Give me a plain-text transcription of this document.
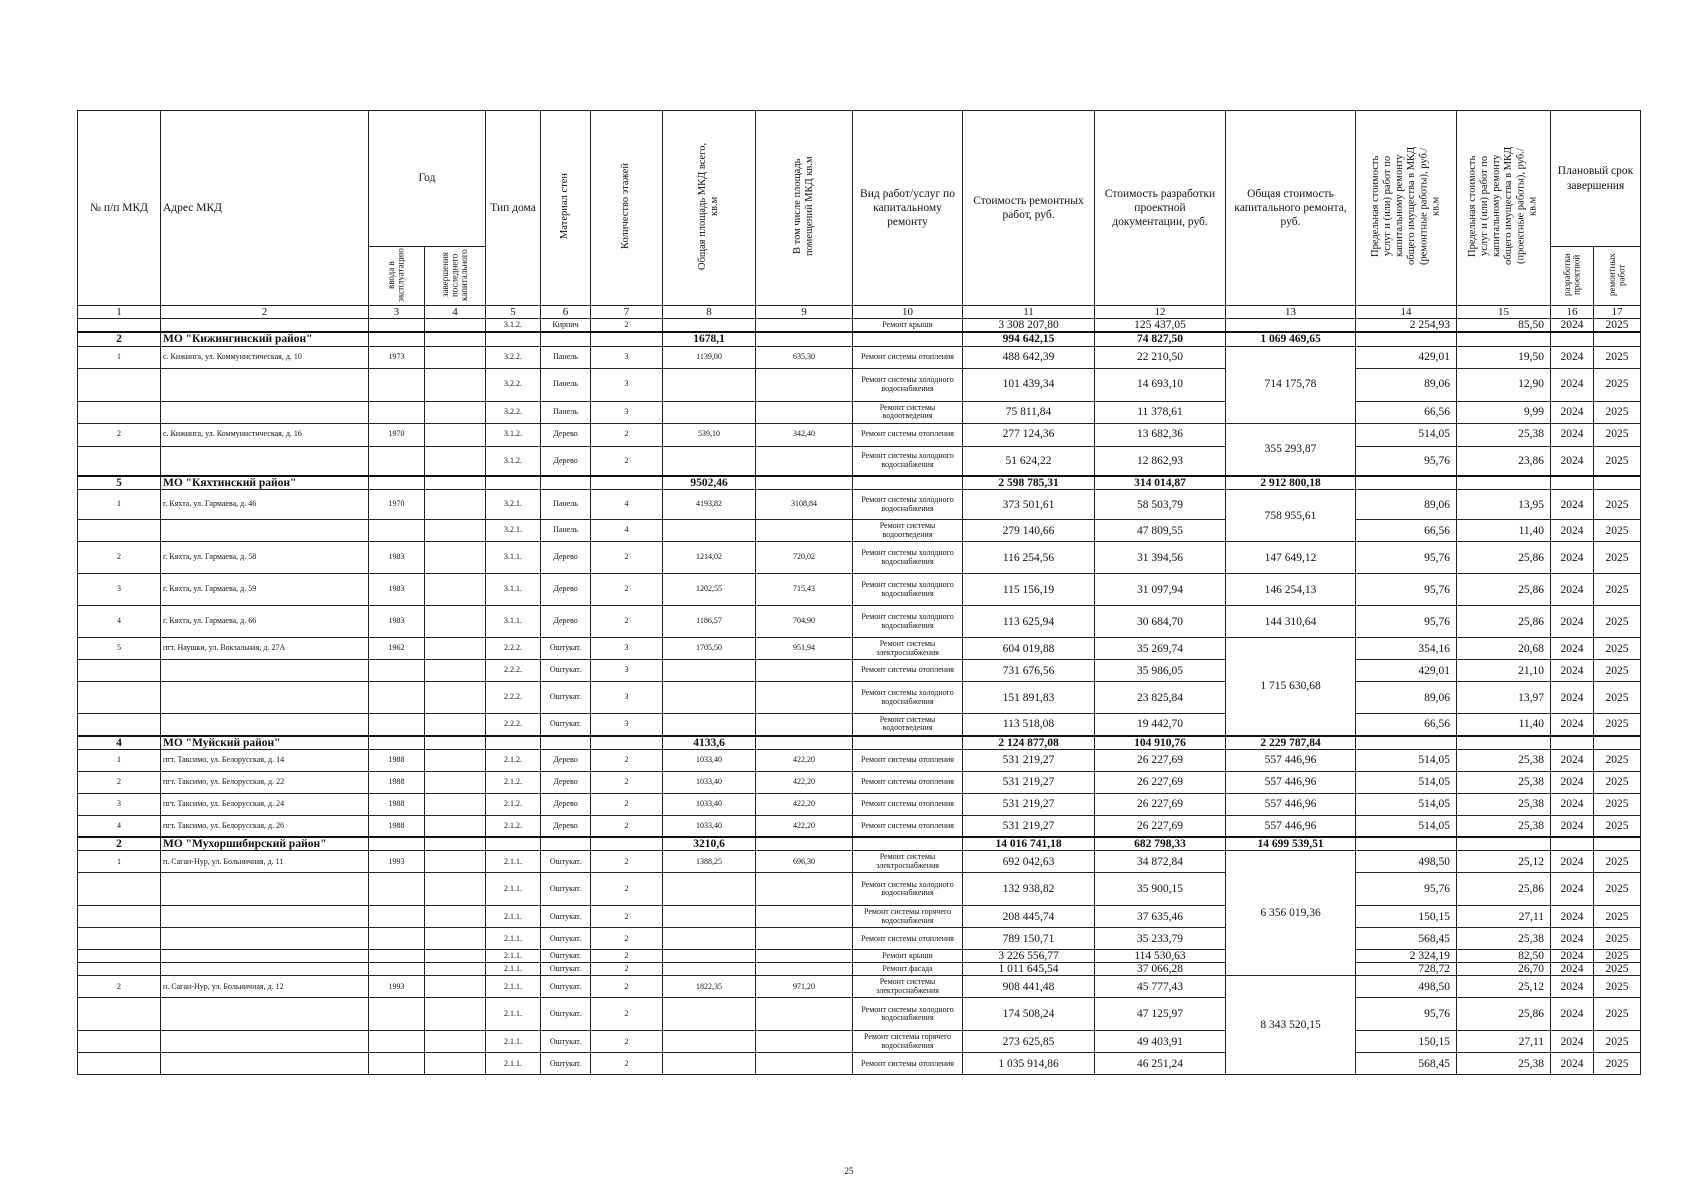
№ п/п МКД	Адрес МКД	Год		Тип дома	Материал стен	Количество этажей	Общая площадь МКД всего, кв.м	В том числе площадь помещений МКД кв.м	Вид работ/услуг по капитальному ремонту	Стоимость ремонтных работ, руб.	Стоимость разработки проектной документации, руб.	Общая стоимость капитального ремонта, руб.	Предельная стоимость услуг и (или) работ по капитальному ремонту общего имущества в МКД (ремонтные работы), руб./кв.м	Предельная стоимость услуг и (или) работ по капитальному ремонту общего имущества в МКД (проектные работы), руб./кв.м	Плановый срок завершения	
		ввода в эксплуатацию	завершения последнего капитального												разработки проектной	ремонтных работ
1	2	3	4	5	6	7	8	9	10	11	12	13	14	15	16	17
				3.1.2.	Кирпич	2			Ремонт крыши	3 308 207,80	125 437,05		2 254,93	85,50	2024	2025
2	МО "Кижингинский район"						1678,1			994 642,15	74 827,50	1 069 469,65				
1	с. Кижинга, ул. Коммунистическая, д. 10	1973		3.2.2.	Панель	3	1139,00	635,30	Ремонт системы отопления	488 642,39	22 210,50	714 175,78	429,01	19,50	2024	2025
				3.2.2.	Панель	3			Ремонт системы холодного водоснабжения	101 439,34	14 693,10		89,06	12,90	2024	2025
				3.2.2.	Панель	3			Ремонт системы водоотведения	75 811,84	11 378,61		66,56	9,99	2024	2025
2	с. Кижинга, ул. Коммунистическая, д. 16	1970		3.1.2.	Дерево	2	539,10	342,40	Ремонт системы отопления	277 124,36	13 682,36	355 293,87	514,05	25,38	2024	2025
				3.1.2.	Дерево	2			Ремонт системы холодного водоснабжения	51 624,22	12 862,93		95,76	23,86	2024	2025
5	МО "Кяхтинский район"						9502,46			2 598 785,31	314 014,87	2 912 800,18				
1	г. Кяхта, ул. Гармаева, д. 46	1970		3.2.1.	Панель	4	4193,82	3108,84	Ремонт системы холодного водоснабжения	373 501,61	58 503,79	758 955,61	89,06	13,95	2024	2025
				3.2.1.	Панель	4			Ремонт системы водоотведения	279 140,66	47 809,55		66,56	11,40	2024	2025
2	г. Кяхта, ул. Гармаева, д. 58	1983		3.1.1.	Дерево	2	1214,02	720,02	Ремонт системы холодного водоснабжения	116 254,56	31 394,56	147 649,12	95,76	25,86	2024	2025
3	г. Кяхта, ул. Гармаева, д. 59	1983		3.1.1.	Дерево	2	1202,55	715,43	Ремонт системы холодного водоснабжения	115 156,19	31 097,94	146 254,13	95,76	25,86	2024	2025
4	г. Кяхта, ул. Гармаева, д. 66	1983		3.1.1.	Дерево	2	1186,57	704,90	Ремонт системы холодного водоснабжения	113 625,94	30 684,70	144 310,64	95,76	25,86	2024	2025
5	пгт. Наушки, ул. Вокзальная, д. 27А	1962		2.2.2.	Оштукат.	3	1705,50	951,94	Ремонт системы электроснабжения	604 019,88	35 269,74	1 715 630,68	354,16	20,68	2024	2025
				2.2.2.	Оштукат.	3			Ремонт системы отопления	731 676,56	35 986,05		429,01	21,10	2024	2025
				2.2.2.	Оштукат.	3			Ремонт системы холодного водоснабжения	151 891,83	23 825,84		89,06	13,97	2024	2025
				2.2.2.	Оштукат.	3			Ремонт системы водоотведения	113 518,08	19 442,70		66,56	11,40	2024	2025
4	МО "Муйский район"						4133,6			2 124 877,08	104 910,76	2 229 787,84				
1	пгт. Таксимо, ул. Белорусская, д. 14	1988		2.1.2.	Дерево	2	1033,40	422,20	Ремонт системы отопления	531 219,27	26 227,69	557 446,96	514,05	25,38	2024	2025
2	пгт. Таксимо, ул. Белорусская, д. 22	1988		2.1.2.	Дерево	2	1033,40	422,20	Ремонт системы отопления	531 219,27	26 227,69	557 446,96	514,05	25,38	2024	2025
3	пгт. Таксимо, ул. Белорусская, д. 24	1988		2.1.2.	Дерево	2	1033,40	422,20	Ремонт системы отопления	531 219,27	26 227,69	557 446,96	514,05	25,38	2024	2025
4	пгт. Таксимо, ул. Белорусская, д. 26	1988		2.1.2.	Дерево	2	1033,40	422,20	Ремонт системы отопления	531 219,27	26 227,69	557 446,96	514,05	25,38	2024	2025
2	МО "Мухоршибирский район"						3210,6			14 016 741,18	682 798,33	14 699 539,51				
1	п. Саган-Нур, ул. Больничная, д. 11	1993		2.1.1.	Оштукат.	2	1388,25	696,30	Ремонт системы электроснабжения	692 042,63	34 872,84	6 356 019,36	498,50	25,12	2024	2025
				2.1.1.	Оштукат.	2			Ремонт системы холодного водоснабжения	132 938,82	35 900,15		95,76	25,86	2024	2025
				2.1.1.	Оштукат.	2			Ремонт системы горячего водоснабжения	208 445,74	37 635,46		150,15	27,11	2024	2025
				2.1.1.	Оштукат.	2			Ремонт системы отопления	789 150,71	35 233,79		568,45	25,38	2024	2025
				2.1.1.	Оштукат.	2			Ремонт крыши	3 226 556,77	114 530,63		2 324,19	82,50	2024	2025
				2.1.1.	Оштукат.	2			Ремонт фасада	1 011 645,54	37 066,28		728,72	26,70	2024	2025
2	п. Саган-Нур, ул. Больничная, д. 12	1993		2.1.1.	Оштукат.	2	1822,35	971,20	Ремонт системы электроснабжения	908 441,48	45 777,43	8 343 520,15	498,50	25,12	2024	2025
				2.1.1.	Оштукат.	2			Ремонт системы холодного водоснабжения	174 508,24	47 125,97		95,76	25,86	2024	2025
				2.1.1.	Оштукат.	2			Ремонт системы горячего водоснабжения	273 625,85	49 403,91		150,15	27,11	2024	2025
				2.1.1.	Оштукат.	2			Ремонт системы отопления	1 035 914,86	46 251,24		568,45	25,38	2024	2025
25
